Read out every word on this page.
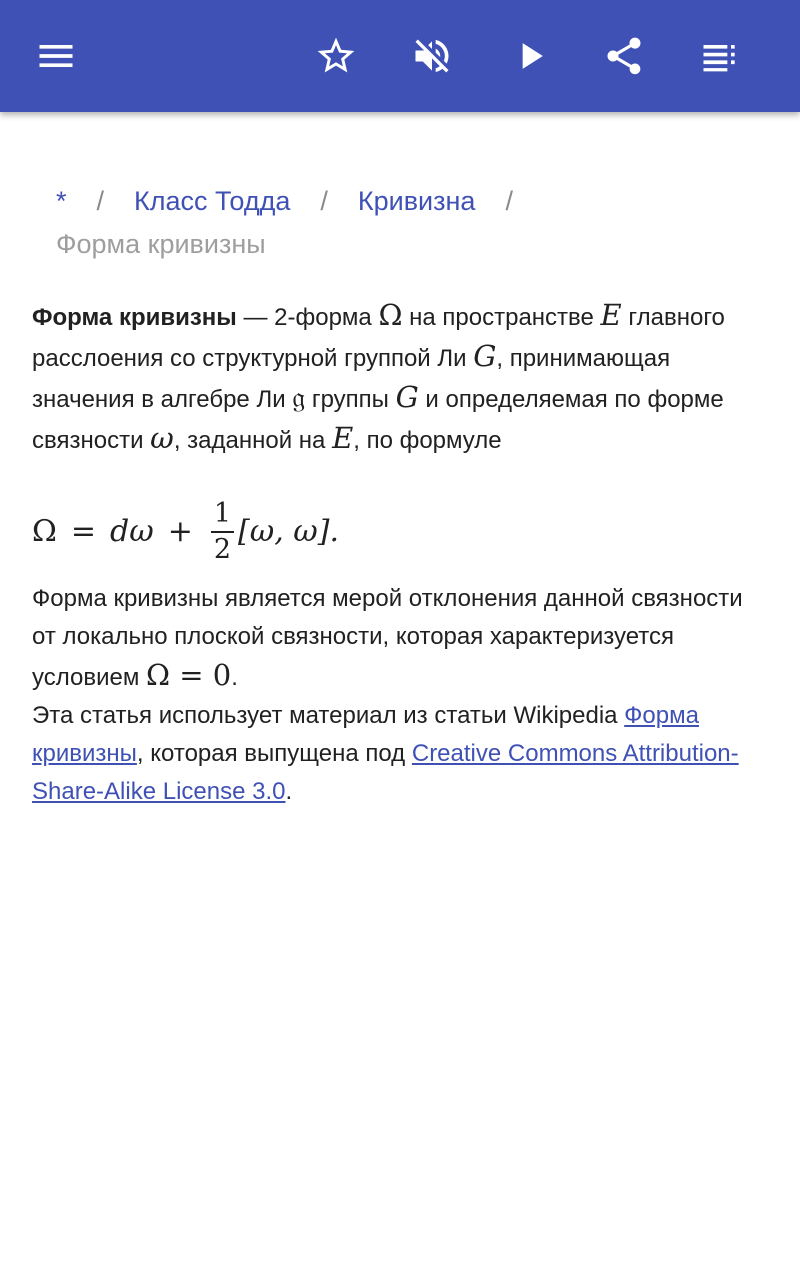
* / Класс Тодда / Кривизна /
Форма кривизны

Форма кривизны — 2-форма Ω на пространстве E главного расслоения со структурной группой Ли G, принимающая значения в алгебре Ли 𝔤 группы G и определяемая по форме связности ω, заданной на E, по формуле

Ω = d $\omega + \frac{1}{2} [\omega$, ω].

Форма кривизны является мерой отклонения данной связности от локально плоской связности, которая характеризуется условием Ω = 0.

Эта статья использует материал из статьи Wikipedia Форма кривизны, которая выпущена под Creative Commons Attribution-Share-Alike License 3.0.
